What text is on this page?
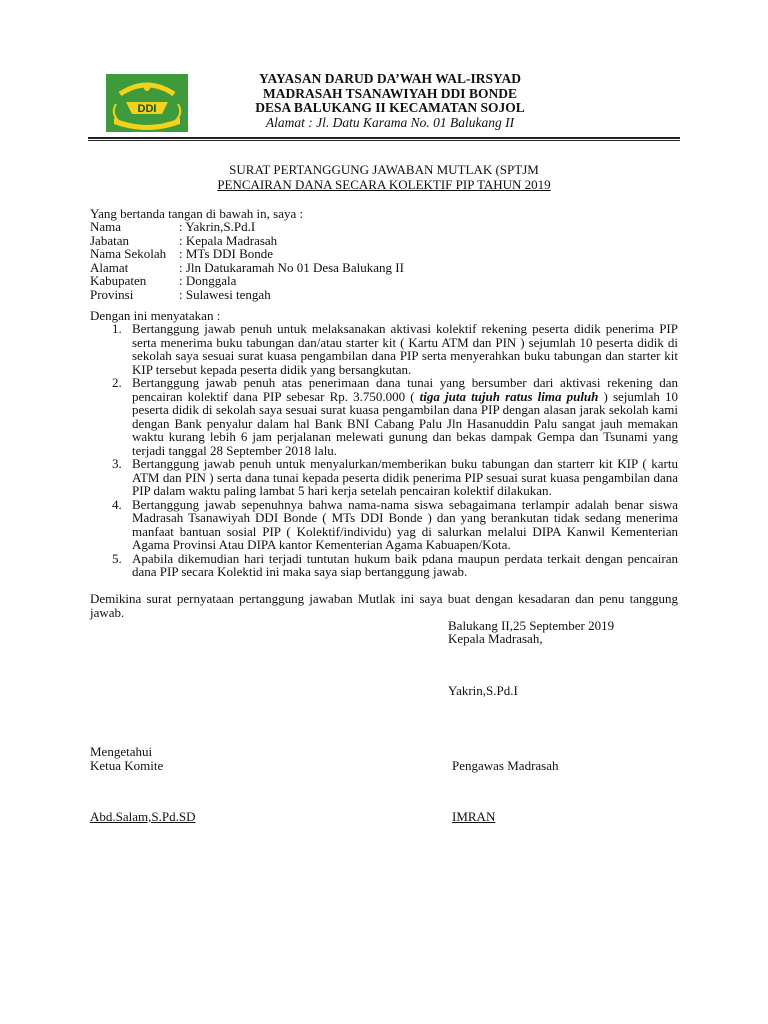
DDI
YAYASAN DARUD DA’WAH WAL-IRSYAD
MADRASAH TSANAWIYAH DDI BONDE
DESA BALUKANG II KECAMATAN SOJOL
Alamat : Jl. Datu Karama No. 01 Balukang II
SURAT PERTANGGUNG JAWABAN MUTLAK (SPTJM
PENCAIRAN DANA SECARA KOLEKTIF PIP TAHUN 2019
Yang bertanda tangan di bawah in, saya :
Nama	: Yakrin,S.Pd.I
Jabatan	: Kepala Madrasah
Nama Sekolah	: MTs DDI Bonde
Alamat	: Jln Datukaramah No 01 Desa Balukang II
Kabupaten	: Donggala
Provinsi	: Sulawesi tengah
Dengan ini menyatakan :
1. Bertanggung jawab penuh untuk melaksanakan aktivasi kolektif rekening peserta didik penerima PIP serta menerima buku tabungan dan/atau starter kit ( Kartu ATM dan PIN ) sejumlah 10 peserta didik di sekolah saya sesuai surat kuasa pengambilan dana PIP serta menyerahkan buku tabungan dan starter kit KIP tersebut kepada peserta didik yang bersangkutan.
2. Bertanggung jawab penuh atas penerimaan dana tunai yang bersumber dari aktivasi rekening dan pencairan kolektif dana PIP sebesar Rp. 3.750.000 ( tiga juta tujuh ratus lima puluh ) sejumlah 10 peserta didik di sekolah saya sesuai surat kuasa pengambilan dana PIP dengan alasan jarak sekolah kami dengan Bank penyalur dalam hal Bank BNI Cabang Palu Jln Hasanuddin Palu sangat jauh memakan waktu kurang lebih 6 jam perjalanan melewati gunung dan bekas dampak Gempa dan Tsunami yang terjadi tanggal 28 September 2018 lalu.
3. Bertanggung jawab penuh untuk menyalurkan/memberikan buku tabungan dan starterr kit KIP ( kartu ATM dan PIN ) serta dana tunai kepada peserta didik penerima PIP sesuai surat kuasa pengambilan dana PIP dalam waktu paling lambat 5 hari kerja setelah pencairan kolektif dilakukan.
4. Bertanggung jawab sepenuhnya bahwa nama-nama siswa sebagaimana terlampir adalah benar siswa Madrasah Tsanawiyah DDI Bonde ( MTs DDI Bonde ) dan yang berankutan tidak sedang menerima manfaat bantuan sosial PIP ( Kolektif/individu) yag di salurkan melalui DIPA Kanwil Kementerian Agama Provinsi Atau DIPA kantor Kementerian Agama Kabuapen/Kota.
5. Apabila dikemudian hari terjadi tuntutan hukum baik pdana maupun perdata terkait dengan pencairan dana PIP secara Kolektid ini maka saya siap bertanggung jawab.
Demikina surat pernyataan pertanggung jawaban Mutlak ini saya buat dengan kesadaran dan penu tanggung jawab.
Balukang II,25 September 2019
Kepala Madrasah,
Yakrin,S.Pd.I
Mengetahui
Ketua Komite	Pengawas Madrasah
Abd.Salam,S.Pd.SD	IMRAN
